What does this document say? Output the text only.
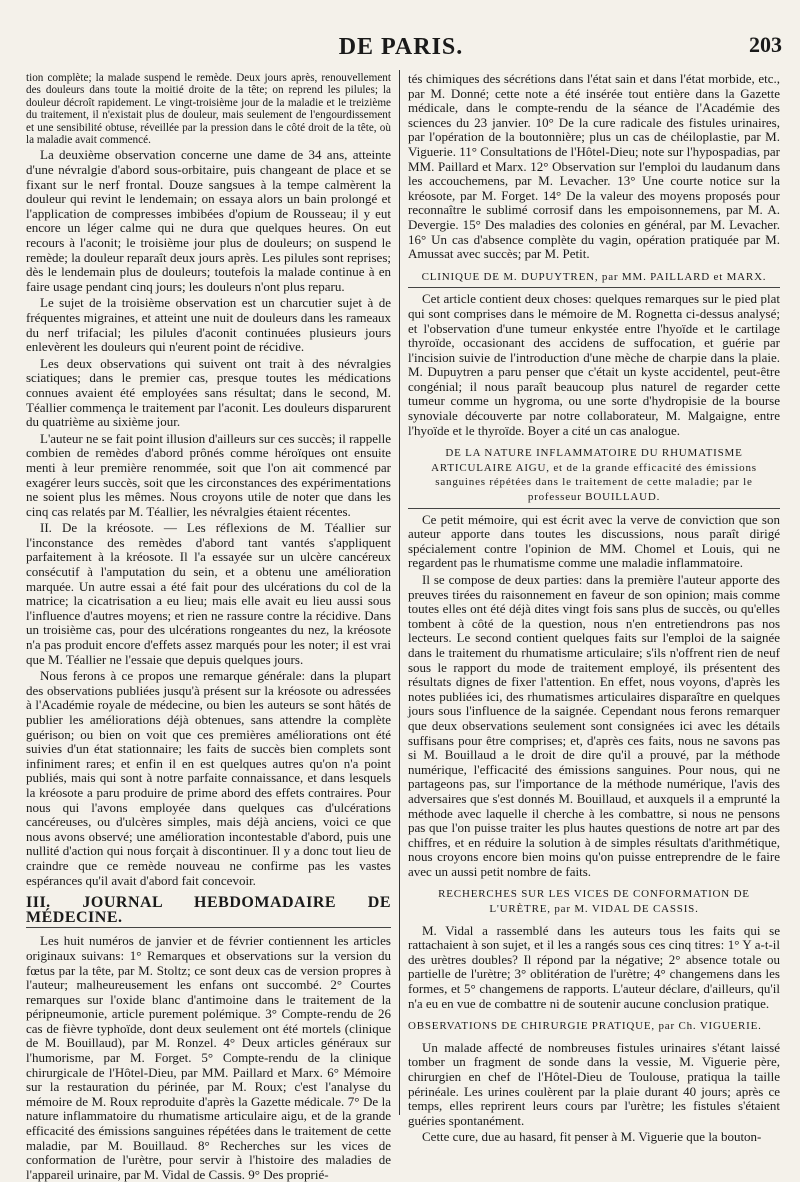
DE PARIS.	203

tion complète; la malade suspend le remède. Deux jours après, renouvellement des douleurs dans toute la moitié droite de la tête; on reprend les pilules; la douleur décroît rapidement. Le vingt-troisième jour de la maladie et le treizième du traitement, il n'existait plus de douleur, mais seulement de l'engourdissement et une sensibilité obtuse, réveillée par la pression dans le côté droit de la tête, où la maladie avait commencé.

La deuxième observation concerne une dame de 34 ans, atteinte d'une névralgie d'abord sous-orbitaire, puis changeant de place et se fixant sur le nerf frontal. Douze sangsues à la tempe calmèrent la douleur qui revint le lendemain; on essaya alors un bain prolongé et l'application de compresses imbibées d'opium de Rousseau; il y eut encore un léger calme qui ne dura que quelques heures. On eut recours à l'aconit; le troisième jour plus de douleurs; on suspend le remède; la douleur reparaît deux jours après. Les pilules sont reprises; dès le lendemain plus de douleurs; toutefois la malade continue à en faire usage pendant cinq jours; les douleurs n'ont plus reparu.

Le sujet de la troisième observation est un charcutier sujet à de fréquentes migraines, et atteint une nuit de douleurs dans les rameaux du nerf trifacial; les pilules d'aconit continuées plusieurs jours enlevèrent les douleurs qui n'eurent point de récidive.

Les deux observations qui suivent ont trait à des névralgies sciatiques; dans le premier cas, presque toutes les médications connues avaient été employées sans résultat; dans le second, M. Téallier commença le traitement par l'aconit. Les douleurs disparurent du quatrième au sixième jour.

L'auteur ne se fait point illusion d'ailleurs sur ces succès; il rappelle combien de remèdes d'abord prônés comme héroïques ont ensuite menti à leur première renommée, soit que l'on ait commencé par exagérer leurs succès, soit que les circonstances des expérimentations ne soient plus les mêmes. Nous croyons utile de noter que dans les cinq cas relatés par M. Téallier, les névralgies étaient récentes.

II. De la kréosote. — Les réflexions de M. Téallier sur l'inconstance des remèdes d'abord tant vantés s'appliquent parfaitement à la kréosote. Il l'a essayée sur un ulcère cancéreux consécutif à l'amputation du sein, et a obtenu une amélioration marquée. Un autre essai a été fait pour des ulcérations du col de la matrice; la cicatrisation a eu lieu; mais elle avait eu lieu aussi sous l'influence d'autres moyens; et rien ne rassure contre la récidive. Dans un troisième cas, pour des ulcérations rongeantes du nez, la kréosote n'a pas produit encore d'effets assez marqués pour les noter; il est vrai que M. Téallier ne l'essaie que depuis quelques jours.

Nous ferons à ce propos une remarque générale: dans la plupart des observations publiées jusqu'à présent sur la kréosote ou adressées à l'Académie royale de médecine, ou bien les auteurs se sont hâtés de publier les améliorations déjà obtenues, sans attendre la complète guérison; ou bien on voit que ces premières améliorations ont été suivies d'un état stationnaire; les faits de succès bien complets sont infiniment rares; et enfin il en est quelques autres qu'on n'a point publiés, mais qui sont à notre parfaite connaissance, et dans lesquels la kréosote a paru produire de prime abord des effets contraires. Pour nous qui l'avons employée dans quelques cas d'ulcérations cancéreuses, ou d'ulcères simples, mais déjà anciens, voici ce que nous avons observé; une amélioration incontestable d'abord, puis une nullité d'action qui nous forçait à discontinuer. Il y a donc tout lieu de craindre que ce remède nouveau ne confirme pas les vastes espérances qu'il avait d'abord fait concevoir.

III. JOURNAL HEBDOMADAIRE DE MÉDECINE.

Les huit numéros de janvier et de février contiennent les articles originaux suivans: 1° Remarques et observations sur la version du fœtus par la tête, par M. Stoltz; ce sont deux cas de version propres à l'auteur; malheureusement les enfans ont succombé. 2° Courtes remarques sur l'oxide blanc d'antimoine dans le traitement de la péripneumonie, article purement polémique. 3° Compte-rendu de 26 cas de fièvre typhoïde, dont deux seulement ont été mortels (clinique de M. Bouillaud), par M. Ronzel. 4° Deux articles généraux sur l'humorisme, par M. Forget. 5° Compte-rendu de la clinique chirurgicale de l'Hôtel-Dieu, par MM. Paillard et Marx. 6° Mémoire sur la restauration du périnée, par M. Roux; c'est l'analyse du mémoire de M. Roux reproduite d'après la Gazette médicale. 7° De la nature inflammatoire du rhumatisme articulaire aigu, et de la grande efficacité des émissions sanguines répétées dans le traitement de cette maladie, par M. Bouillaud. 8° Recherches sur les vices de conformation de l'urètre, pour servir à l'histoire des maladies de l'appareil urinaire, par M. Vidal de Cassis. 9° Des proprié-

tés chimiques des sécrétions dans l'état sain et dans l'état morbide, etc., par M. Donné; cette note a été insérée tout entière dans la Gazette médicale, dans le compte-rendu de la séance de l'Académie des sciences du 23 janvier. 10° De la cure radicale des fistules urinaires, par l'opération de la boutonnière; plus un cas de chéiloplastie, par M. Viguerie. 11° Consultations de l'Hôtel-Dieu; note sur l'hypospadias, par MM. Paillard et Marx. 12° Observation sur l'emploi du laudanum dans les accouchemens, par M. Levacher. 13° Une courte notice sur la kréosote, par M. Forget. 14° De la valeur des moyens proposés pour reconnaître le sublimé corrosif dans les empoisonnemens, par M. A. Devergie. 15° Des maladies des colonies en général, par M. Levacher. 16° Un cas d'absence complète du vagin, opération pratiquée par M. Amussat avec succès; par M. Petit.

CLINIQUE DE M. DUPUYTREN, par MM. PAILLARD et MARX.

Cet article contient deux choses: quelques remarques sur le pied plat qui sont comprises dans le mémoire de M. Rognetta ci-dessus analysé; et l'observation d'une tumeur enkystée entre l'hyoïde et le cartilage thyroïde, occasionant des accidens de suffocation, et guérie par l'incision suivie de l'introduction d'une mèche de charpie dans la plaie. M. Dupuytren a paru penser que c'était un kyste accidentel, peut-être congénial; il nous paraît beaucoup plus naturel de regarder cette tumeur comme un hygroma, ou une sorte d'hydropisie de la bourse synoviale découverte par notre collaborateur, M. Malgaigne, entre l'hyoïde et le thyroïde. Boyer a cité un cas analogue.

DE LA NATURE INFLAMMATOIRE DU RHUMATISME ARTICULAIRE AIGU, et de la grande efficacité des émissions sanguines répétées dans le traitement de cette maladie; par le professeur BOUILLAUD.

Ce petit mémoire, qui est écrit avec la verve de conviction que son auteur apporte dans toutes les discussions, nous paraît dirigé spécialement contre l'opinion de MM. Chomel et Louis, qui ne regardent pas le rhumatisme comme une maladie inflammatoire.

Il se compose de deux parties: dans la première l'auteur apporte des preuves tirées du raisonnement en faveur de son opinion; mais comme toutes elles ont été déjà dites vingt fois sans plus de succès, ou qu'elles tombent à côté de la question, nous n'en entretiendrons pas nos lecteurs. Le second contient quelques faits sur l'emploi de la saignée dans le traitement du rhumatisme articulaire; s'ils n'offrent rien de neuf sous le rapport du mode de traitement employé, ils présentent des résultats dignes de fixer l'attention. En effet, nous voyons, d'après les notes publiées ici, des rhumatismes articulaires disparaître en quelques jours sous l'influence de la saignée. Cependant nous ferons remarquer que deux observations seulement sont consignées ici avec les détails suffisans pour être comprises; et, d'après ces faits, nous ne savons pas si M. Bouillaud a le droit de dire qu'il a prouvé, par la méthode numérique, l'efficacité des émissions sanguines. Pour nous, qui ne partageons pas, sur l'importance de la méthode numérique, l'avis des adversaires que s'est donnés M. Bouillaud, et auxquels il a emprunté la méthode avec laquelle il cherche à les combattre, si nous ne pensons pas que l'on puisse traiter les plus hautes questions de notre art par des chiffres, et en réduire la solution à de simples résultats d'arithmétique, nous croyons encore bien moins qu'on puisse entreprendre de le faire avec un aussi petit nombre de faits.

RECHERCHES SUR LES VICES DE CONFORMATION DE L'URÈTRE, par M. VIDAL DE CASSIS.

M. Vidal a rassemblé dans les auteurs tous les faits qui se rattachaient à son sujet, et il les a rangés sous ces cinq titres: 1° Y a-t-il des urètres doubles? Il répond par la négative; 2° absence totale ou partielle de l'urètre; 3° oblitération de l'urètre; 4° changemens dans les formes, et 5° changemens de rapports. L'auteur déclare, d'ailleurs, qu'il n'a eu en vue de combattre ni de soutenir aucune conclusion pratique.

OBSERVATIONS DE CHIRURGIE PRATIQUE, par Ch. VIGUERIE.

Un malade affecté de nombreuses fistules urinaires s'étant laissé tomber un fragment de sonde dans la vessie, M. Viguerie père, chirurgien en chef de l'Hôtel-Dieu de Toulouse, pratiqua la taille périnéale. Les urines coulèrent par la plaie durant 40 jours; après ce temps, elles reprirent leurs cours par l'urètre; les fistules s'étaient guéries spontanément.

Cette cure, due au hasard, fit penser à M. Viguerie que la bouton-
